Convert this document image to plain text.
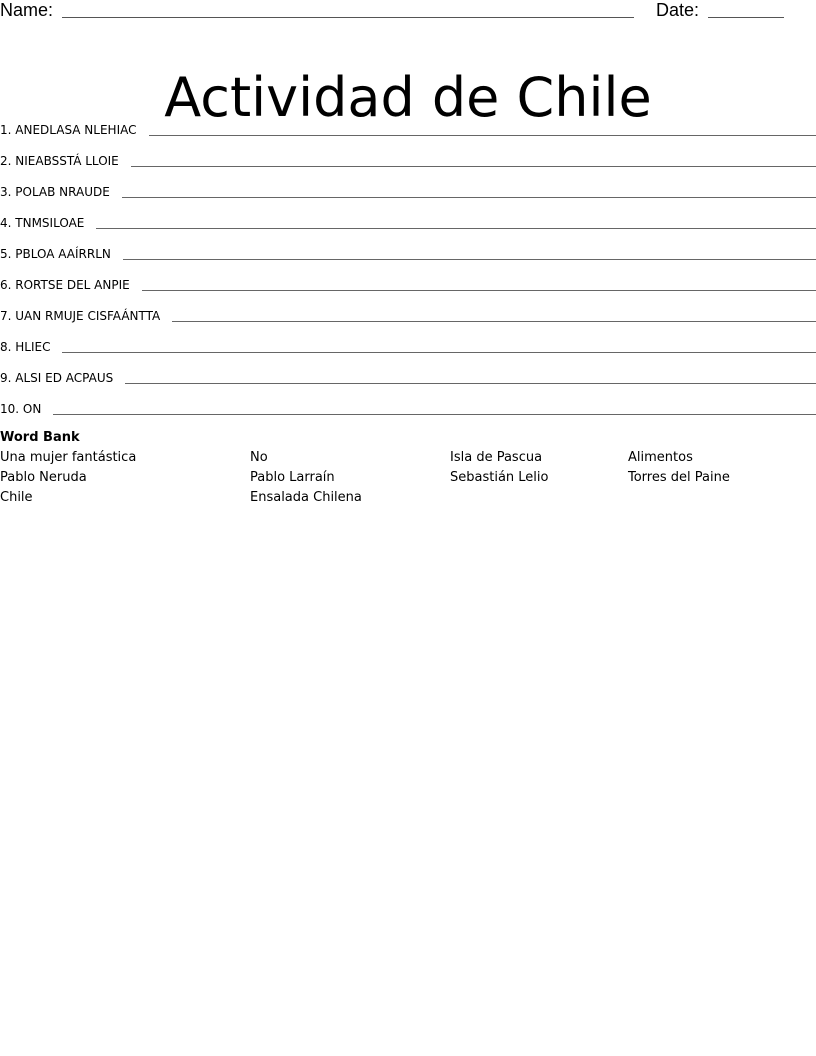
Name:	Date:
Actividad de Chile
1. ANEDLASA NLEHIAC
2. NIEABSSTÁ LLOIE
3. POLAB NRAUDE
4. TNMSILOAE
5. PBLOA AAÍRRLN
6. RORTSE DEL ANPIE
7. UAN RMUJE CISFAÁNTTA
8. HLIEC
9. ALSI ED ACPAUS
10. ON
Word Bank
Una mujer fantástica	No	Isla de Pascua	Alimentos
Pablo Neruda	Pablo Larraín	Sebastián Lelio	Torres del Paine
Chile	Ensalada Chilena
